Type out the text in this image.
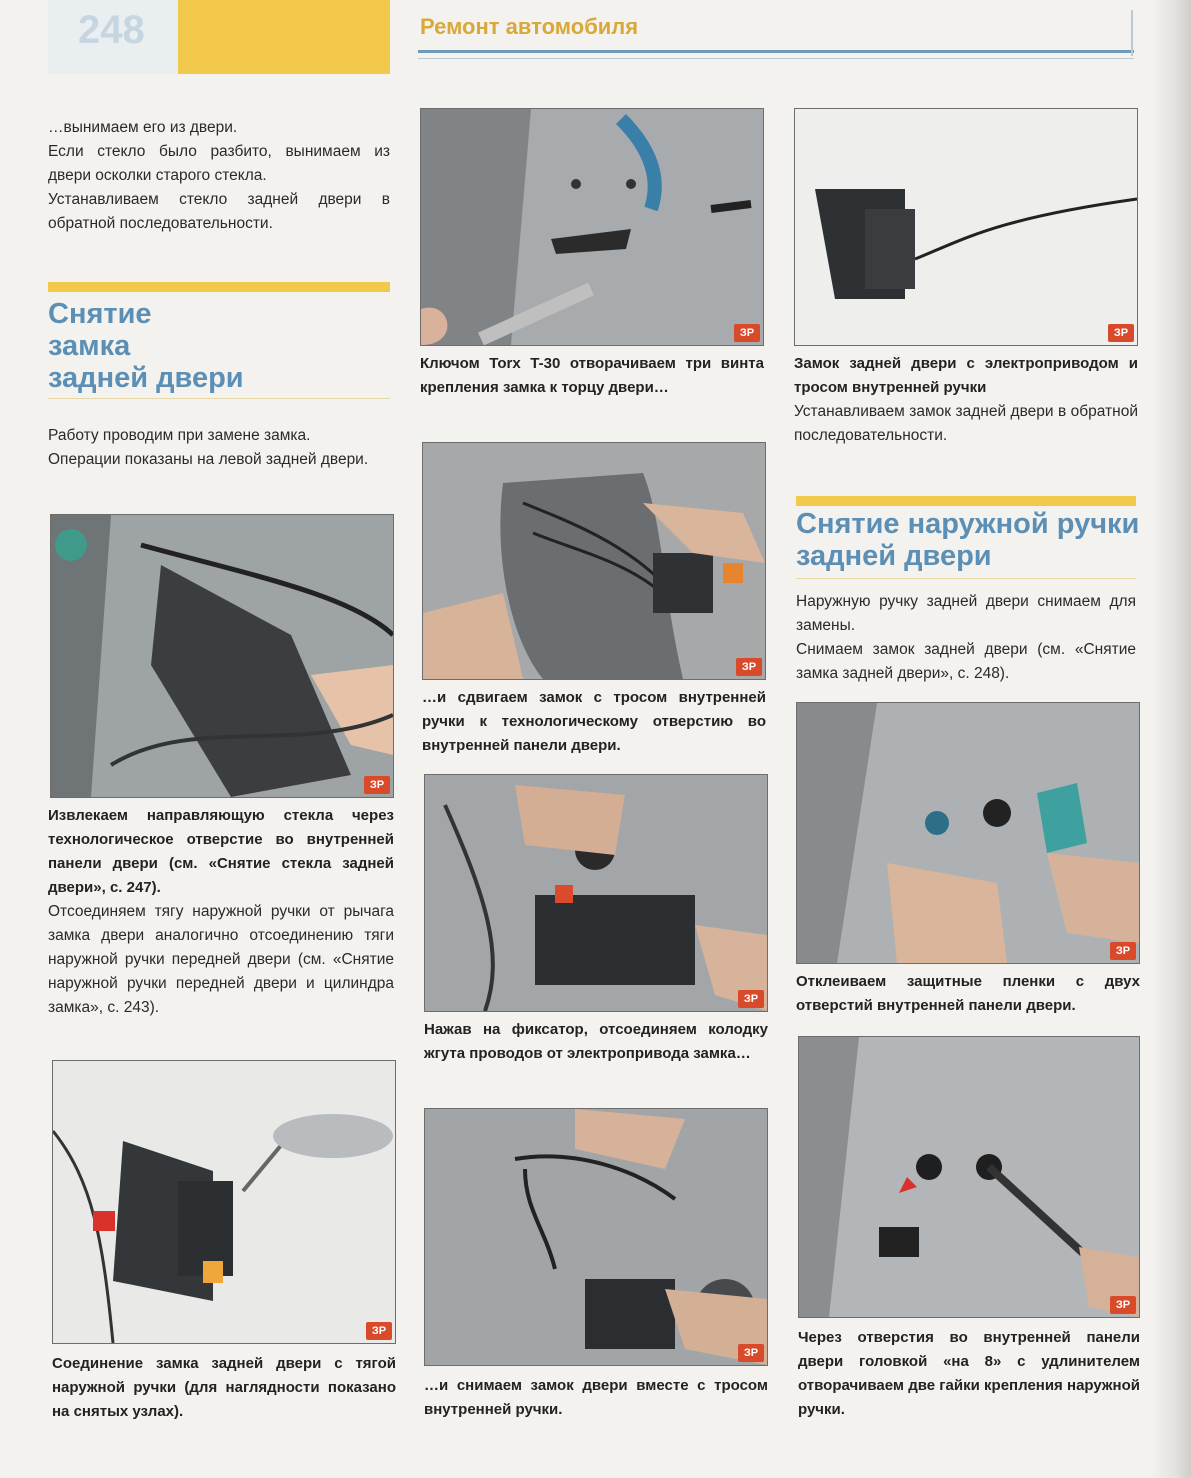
248	Ремонт автомобиля

…вынимаем его из двери.

Если стекло было разбито, вынимаем из двери осколки старого стекла.

Устанавливаем стекло задней двери в обратной последовательности.

Снятие
замка
задней двери

Работу проводим при замене замка.

Операции показаны на левой задней двери.

ЗР
Извлекаем направляющую стекла через технологическое отверстие во внутренней панели двери (см. «Снятие стекла задней двери», с. 247).
Отсоединяем тягу наружной ручки от рычага замка двери аналогично отсоединению тяги наружной ручки передней двери (см. «Снятие наружной ручки передней двери и цилиндра замка», с. 243).
ЗР
Соединение замка задней двери с тягой наружной ручки (для наглядности показано на снятых узлах).
ЗР
Ключом Torx T-30 отворачиваем три винта крепления замка к торцу двери…
ЗР
…и сдвигаем замок с тросом внутренней ручки к технологическому отверстию во внутренней панели двери.
ЗР
Нажав на фиксатор, отсоединяем колодку жгута проводов от электропривода замка…
ЗР
…и снимаем замок двери вместе с тросом внутренней ручки.
ЗР
Замок задней двери с электроприводом и тросом внутренней ручки
Устанавливаем замок задней двери в обратной последовательности.
Снятие наружной ручки
задней двери

Наружную ручку задней двери снимаем для замены.

Снимаем замок задней двери (см. «Снятие замка задней двери», с. 248).

ЗР
Отклеиваем защитные пленки с двух отверстий внутренней панели двери.
ЗР
Через отверстия во внутренней панели двери головкой «на 8» с удлинителем отворачиваем две гайки крепления наружной ручки.
